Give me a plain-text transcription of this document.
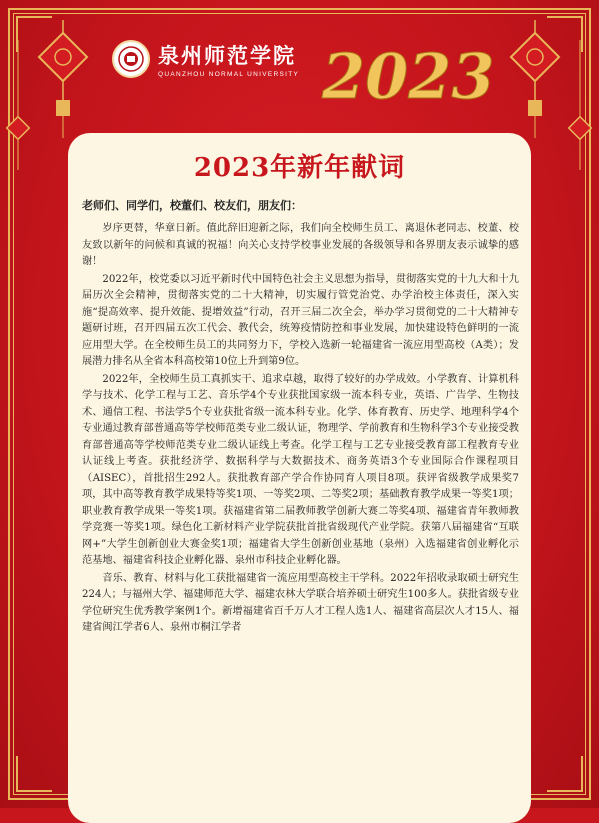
泉州师范学院
QUANZHOU NORMAL UNIVERSITY 2023
2023年新年献词
老师们、同学们，校董们、校友们，朋友们：

岁序更替，华章日新。值此辞旧迎新之际，我们向全校师生员工、离退休老同志、校董、校友致以新年的问候和真诚的祝福！向关心支持学校事业发展的各级领导和各界朋友表示诚挚的感谢！

2022年，校党委以习近平新时代中国特色社会主义思想为指导，贯彻落实党的十九大和十九届历次全会精神，贯彻落实党的二十大精神，切实履行管党治党、办学治校主体责任，深入实施“提高效率、提升效能、提增效益”行动，召开三届二次全会，举办学习贯彻党的二十大精神专题研讨班，召开四届五次工代会、教代会，统筹疫情防控和事业发展，加快建设特色鲜明的一流应用型大学。在全校师生员工的共同努力下，学校入选新一轮福建省一流应用型高校（A类）；发展潜力排名从全省本科高校第10位上升到第9位。

2022年，全校师生员工真抓实干、追求卓越，取得了较好的办学成效。小学教育、计算机科学与技术、化学工程与工艺、音乐学4个专业获批国家级一流本科专业，英语、广告学、生物技术、通信工程、书法学5个专业获批省级一流本科专业。化学、体育教育、历史学、地理科学4个专业通过教育部普通高等学校师范类专业二级认证，物理学、学前教育和生物科学3个专业接受教育部普通高等学校师范类专业二级认证线上考查。化学工程与工艺专业接受教育部工程教育专业认证线上考查。获批经济学、数据科学与大数据技术、商务英语3个专业国际合作课程项目（AISEC），首批招生292人。获批教育部产学合作协同育人项目8项。获评省级教学成果奖7项，其中高等教育教学成果特等奖1项、一等奖2项、二等奖2项；基础教育教学成果一等奖1项；职业教育教学成果一等奖1项。获福建省第二届教师教学创新大赛二等奖4项、福建省青年教师教学竞赛一等奖1项。绿色化工新材料产业学院获批首批省级现代产业学院。获第八届福建省“互联网+”大学生创新创业大赛金奖1项；福建省大学生创新创业基地（泉州）入选福建省创业孵化示范基地、福建省科技企业孵化器、泉州市科技企业孵化器。

音乐、教育、材料与化工获批福建省一流应用型高校主干学科。2022年招收录取硕士研究生224人；与福州大学、福建师范大学、福建农林大学联合培养硕士研究生100多人。获批省级专业学位研究生优秀教学案例1个。新增福建省百千万人才工程人选1人、福建省高层次人才15人、福建省闽江学者6人、泉州市桐江学者
